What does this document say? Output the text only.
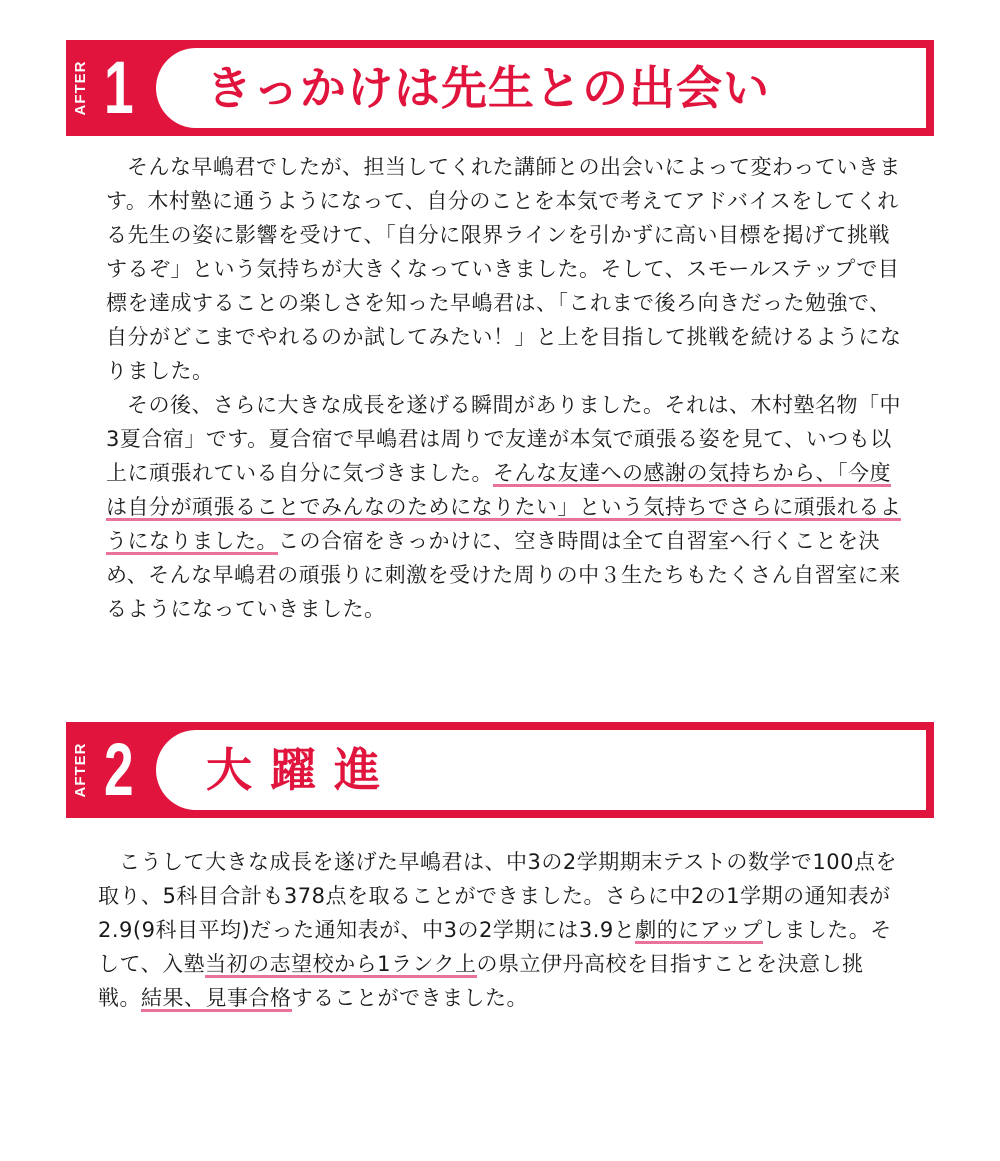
AFTER 1 きっかけは先生との出会い

そんな早嶋君でしたが、担当してくれた講師との出会いによって変わっていきます。木村塾に通うようになって、自分のことを本気で考えてアドバイスをしてくれる先生の姿に影響を受けて、「自分に限界ラインを引かずに高い目標を掲げて挑戦するぞ」という気持ちが大きくなっていきました。そして、スモールステップで目標を達成することの楽しさを知った早嶋君は、「これまで後ろ向きだった勉強で、自分がどこまでやれるのか試してみたい！」と上を目指して挑戦を続けるようになりました。

その後、さらに大きな成長を遂げる瞬間がありました。それは、木村塾名物「中3夏合宿」です。夏合宿で早嶋君は周りで友達が本気で頑張る姿を見て、いつも以上に頑張れている自分に気づきました。そんな友達への感謝の気持ちから、「今度は自分が頑張ることでみんなのためになりたい」という気持ちでさらに頑張れるようになりました。この合宿をきっかけに、空き時間は全て自習室へ行くことを決め、そんな早嶋君の頑張りに刺激を受けた周りの中３生たちもたくさん自習室に来るようになっていきました。

AFTER 2 大 躍 進

こうして大きな成長を遂げた早嶋君は、中3の2学期期末テストの数学で100点を取り、5科目合計も378点を取ることができました。さらに中2の1学期の通知表が2.9(9科目平均)だった通知表が、中3の2学期には3.9と劇的にアップしました。そして、入塾当初の志望校から1ランク上の県立伊丹高校を目指すことを決意し挑戦。結果、見事合格することができました。
